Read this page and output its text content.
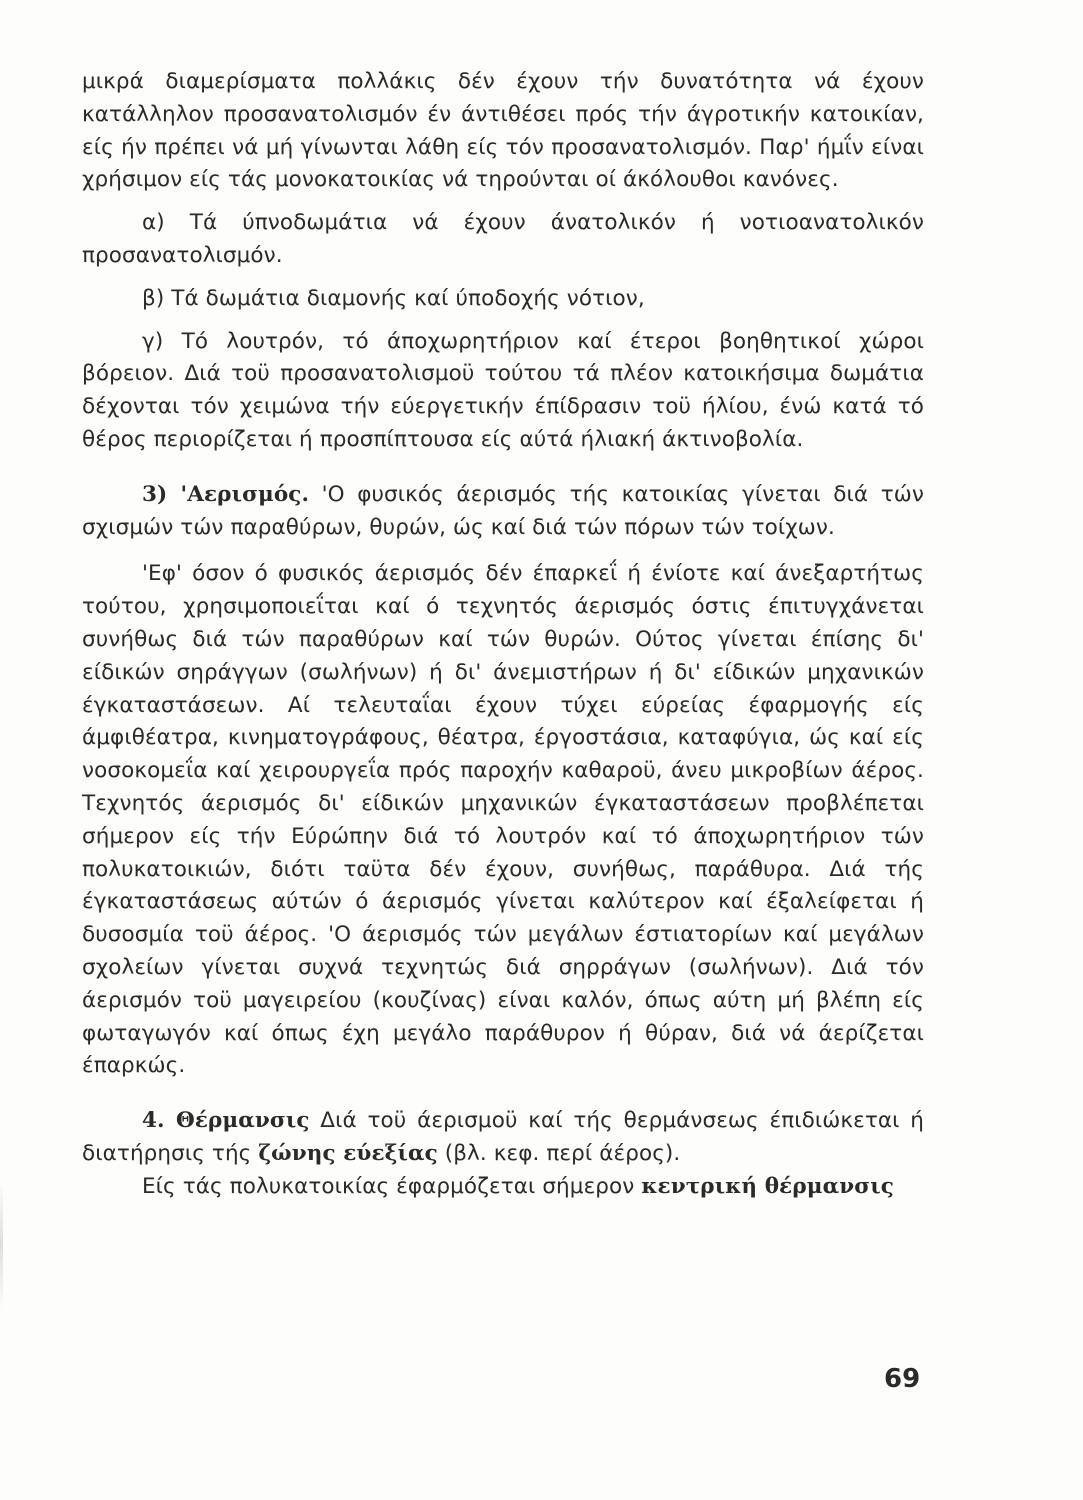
μικρά διαμερίσματα πολλάκις δέν έχουν τήν δυνατότητα νά έχουν κατάλληλον προσανατολισμόν έν άντιθέσει πρός τήν άγροτικήν κατοικίαν, είς ήν πρέπει νά μή γίνωνται λάθη είς τόν προσανατολισμόν. Παρ' ήμΐν είναι χρήσιμον είς τάς μονοκατοικίας νά τηρούνται οί άκόλουθοι κανόνες.

α) Τά ύπνοδωμάτια νά έχουν άνατολικόν ή νοτιοανατολικόν προσανατολισμόν.

β) Τά δωμάτια διαμονής καί ύποδοχής νότιον,

γ) Τό λουτρόν, τό άποχωρητήριον καί έτεροι βοηθητικοί χώροι βόρειον. Διά τοϋ προσανατολισμοϋ τούτου τά πλέον κατοικήσιμα δωμάτια δέχονται τόν χειμώνα τήν εύεργετικήν έπίδρασιν τοϋ ήλίου, ένώ κατά τό θέρος περιορίζεται ή προσπίπτουσα είς αύτά ήλιακή άκτινοβολία.

3) 'Αερισμός. 'Ο φυσικός άερισμός τής κατοικίας γίνεται διά τών σχισμών τών παραθύρων, θυρών, ώς καί διά τών πόρων τών τοίχων.

'Εφ' όσον ό φυσικός άερισμός δέν έπαρκεΐ ή ένίοτε καί άνεξαρτήτως τούτου, χρησιμοποιεΐται καί ό τεχνητός άερισμός όστις έπιτυγχάνεται συνήθως διά τών παραθύρων καί τών θυρών. Ούτος γίνεται έπίσης δι' είδικών σηράγγων (σωλήνων) ή δι' άνεμιστήρων ή δι' είδικών μηχανικών έγκαταστάσεων. Αί τελευταΐαι έχουν τύχει εύρείας έφαρμογής είς άμφιθέατρα, κινηματογράφους, θέατρα, έργοστάσια, καταφύγια, ώς καί είς νοσοκομεΐα καί χειρουργεΐα πρός παροχήν καθαροϋ, άνευ μικροβίων άέρος. Τεχνητός άερισμός δι' είδικών μηχανικών έγκαταστάσεων προβλέπεται σήμερον είς τήν Εύρώπην διά τό λουτρόν καί τό άποχωρητήριον τών πολυκατοικιών, διότι ταϋτα δέν έχουν, συνήθως, παράθυρα. Διά τής έγκαταστάσεως αύτών ό άερισμός γίνεται καλύτερον καί έξαλείφεται ή δυσοσμία τοϋ άέρος. 'Ο άερισμός τών μεγάλων έστιατορίων καί μεγάλων σχολείων γίνεται συχνά τεχνητώς διά σηρράγων (σωλήνων). Διά τόν άερισμόν τοϋ μαγειρείου (κουζίνας) είναι καλόν, όπως αύτη μή βλέπη είς φωταγωγόν καί όπως έχη μεγάλο παράθυρον ή θύραν, διά νά άερίζεται έπαρκώς.

4. Θέρμανσις Διά τοϋ άερισμοϋ καί τής θερμάνσεως έπιδιώκεται ή διατήρησις τής ζώνης εύεξίας (βλ. κεφ. περί άέρος).

Είς τάς πολυκατοικίας έφαρμόζεται σήμερον κεντρική θέρμανσις

69
